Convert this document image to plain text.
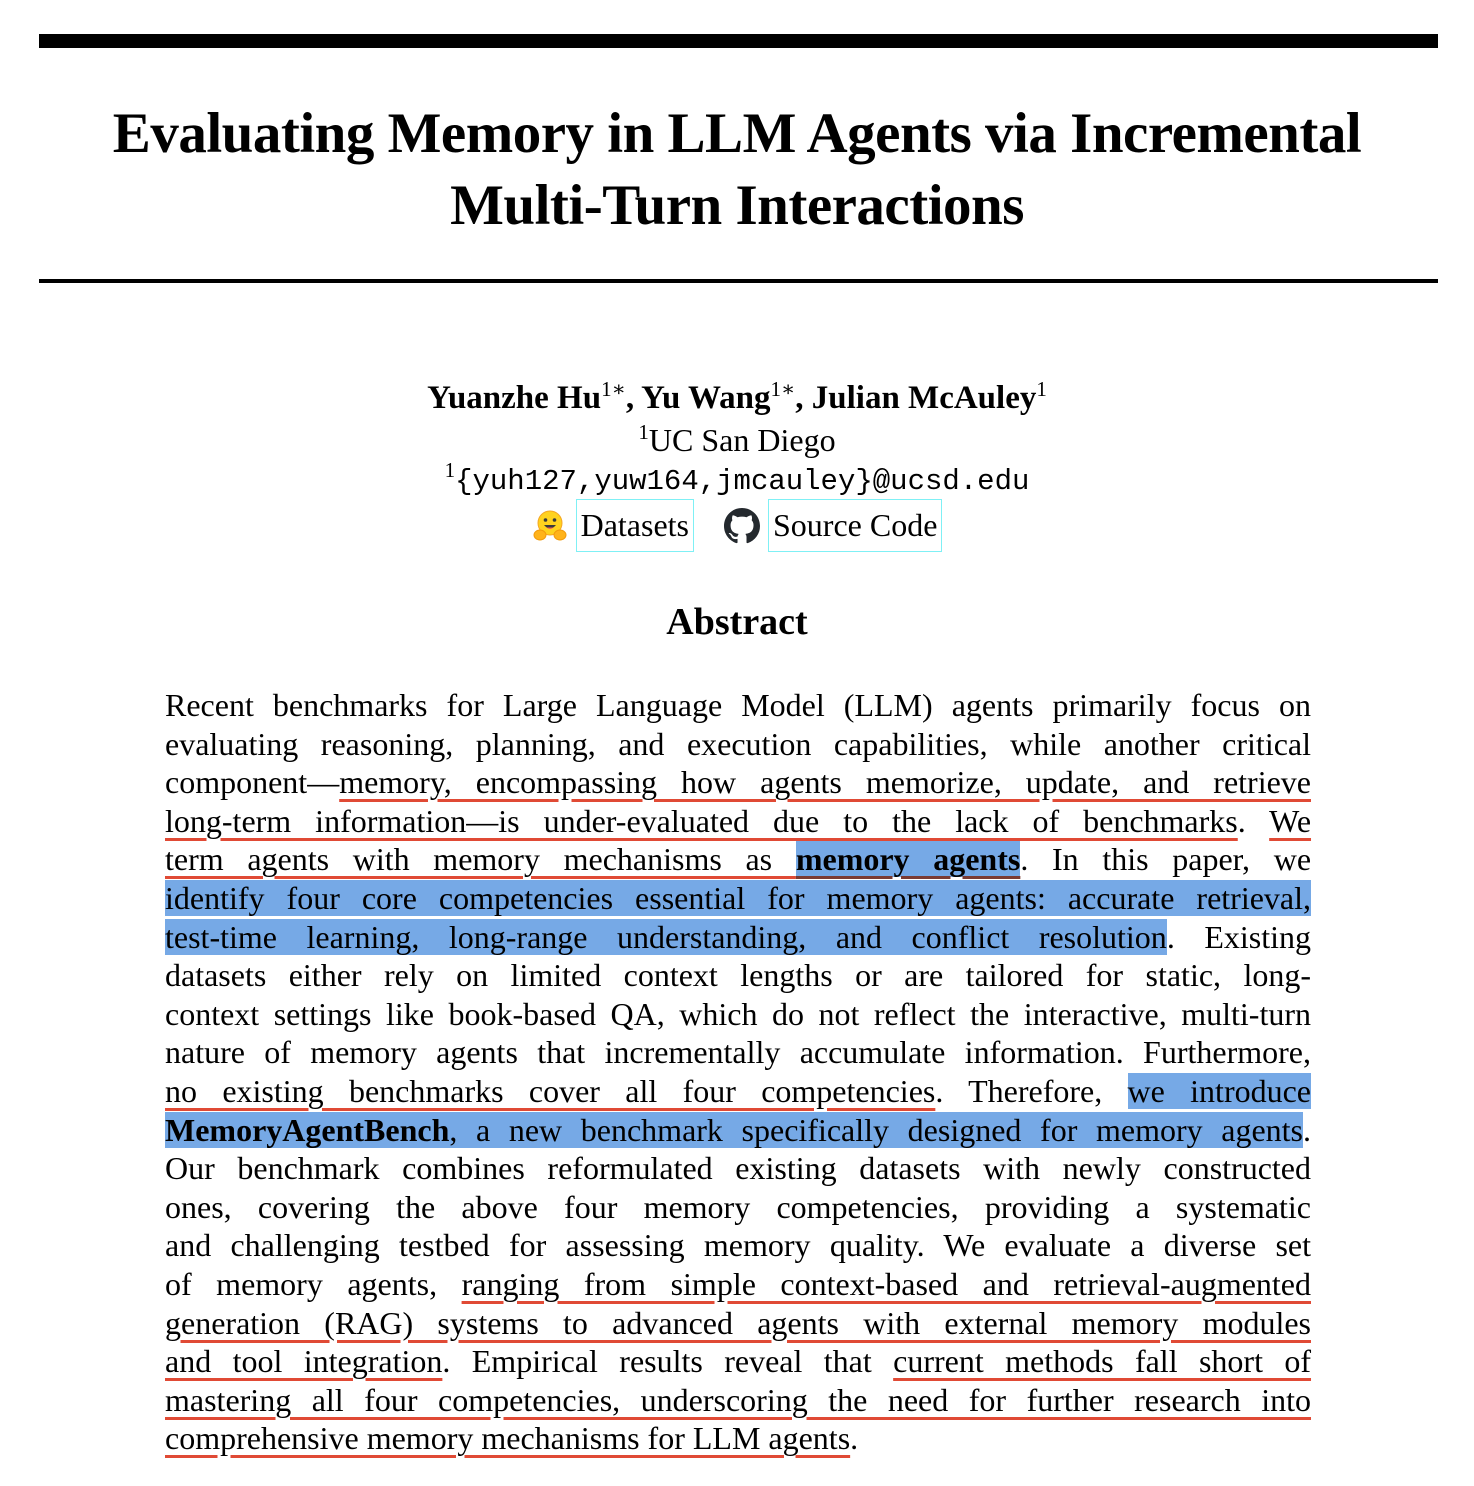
Evaluating Memory in LLM Agents via Incremental
Multi-Turn Interactions
Yuanzhe $Hu^{1∗}$, Yu Wang$^{1∗}$, Julian McAuley$^1$
$^1$UC San Diego
$^1${yuh127,yuw164,jmcauley}@ucsd.edu
Datasets	Source Code
Abstract
Recent benchmarks for Large Language Model (LLM) agents primarily focus on
evaluating reasoning, planning, and execution capabilities, while another critical
component—memory, encompassing how agents memorize, update, and retrieve
long-term information—is under-evaluated due to the lack of benchmarks. We
term agents with memory mechanisms as memory agents. In this paper, we
identify four core competencies essential for memory agents: accurate retrieval,
test-time learning, long-range understanding, and conflict resolution. Existing
datasets either rely on limited context lengths or are tailored for static, long-
context settings like book-based QA, which do not reflect the interactive, multi-turn
nature of memory agents that incrementally accumulate information. Furthermore,
no existing benchmarks cover all four competencies. Therefore, we introduce
MemoryAgentBench, a new benchmark specifically designed for memory agents.
Our benchmark combines reformulated existing datasets with newly constructed
ones, covering the above four memory competencies, providing a systematic
and challenging testbed for assessing memory quality. We evaluate a diverse set
of memory agents, ranging from simple context-based and retrieval-augmented
generation (RAG) systems to advanced agents with external memory modules
and tool integration. Empirical results reveal that current methods fall short of
mastering all four competencies, underscoring the need for further research into
comprehensive memory mechanisms for LLM agents.
